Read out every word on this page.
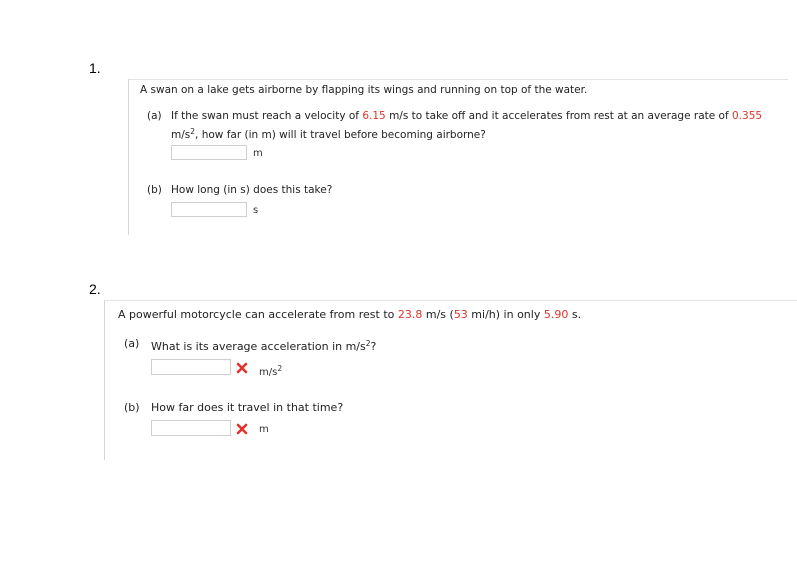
1.
A swan on a lake gets airborne by flapping its wings and running on top of the water.
(a) If the swan must reach a velocity of 6.15 m/s to take off and it accelerates from rest at an average rate of 0.355
$m/s^2$, how far (in m) will it travel before becoming airborne?
m
(b) How long (in s) does this take?
s
2.
A powerful motorcycle can accelerate from rest to 23.8 m/s (53 mi/h) in only 5.90 s.
(a) What is its average acceleration in $m/s^2$?
$m/s^2$
(b) How far does it travel in that time?
m
